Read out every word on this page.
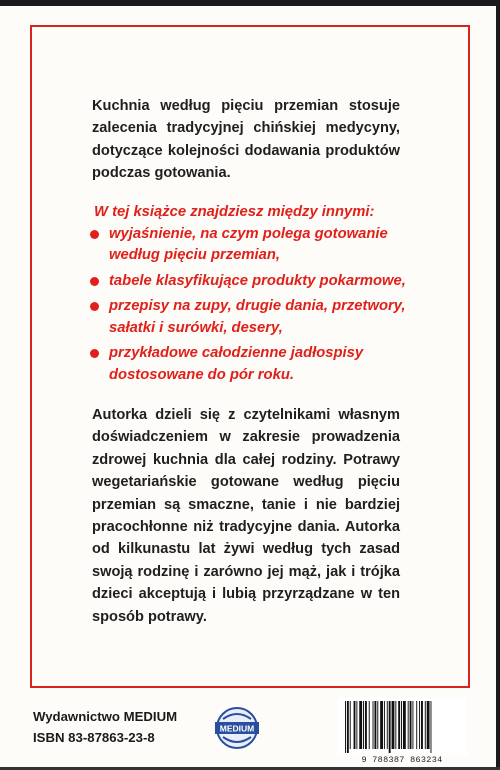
Kuchnia według pięciu przemian stosuje zalecenia tradycyjnej chińskiej medycyny, dotyczące kolejności dodawania produktów podczas gotowania.
W tej książce znajdziesz między innymi:
wyjaśnienie, na czym polega gotowanie według pięciu przemian,
tabele klasyfikujące produkty pokarmowe,
przepisy na zupy, drugie dania, przetwory, sałatki i surówki, desery,
przykładowe całodzienne jadłospisy dostosowane do pór roku.
Autorka dzieli się z czytelnikami własnym doświadczeniem w zakresie prowadzenia zdrowej kuchnia dla całej rodziny. Potrawy wegetariańskie gotowane według pięciu przemian są smaczne, tanie i nie bardziej pracochłonne niż tradycyjne dania. Autorka od kilkunastu lat żywi według tych zasad swoją rodzinę i zarówno jej mąż, jak i trójka dzieci akceptują i lubią przyrządzane w ten sposób potrawy.
Wydawnictwo MEDIUM
ISBN 83-87863-23-8
MEDIUM
9 788387 863234
